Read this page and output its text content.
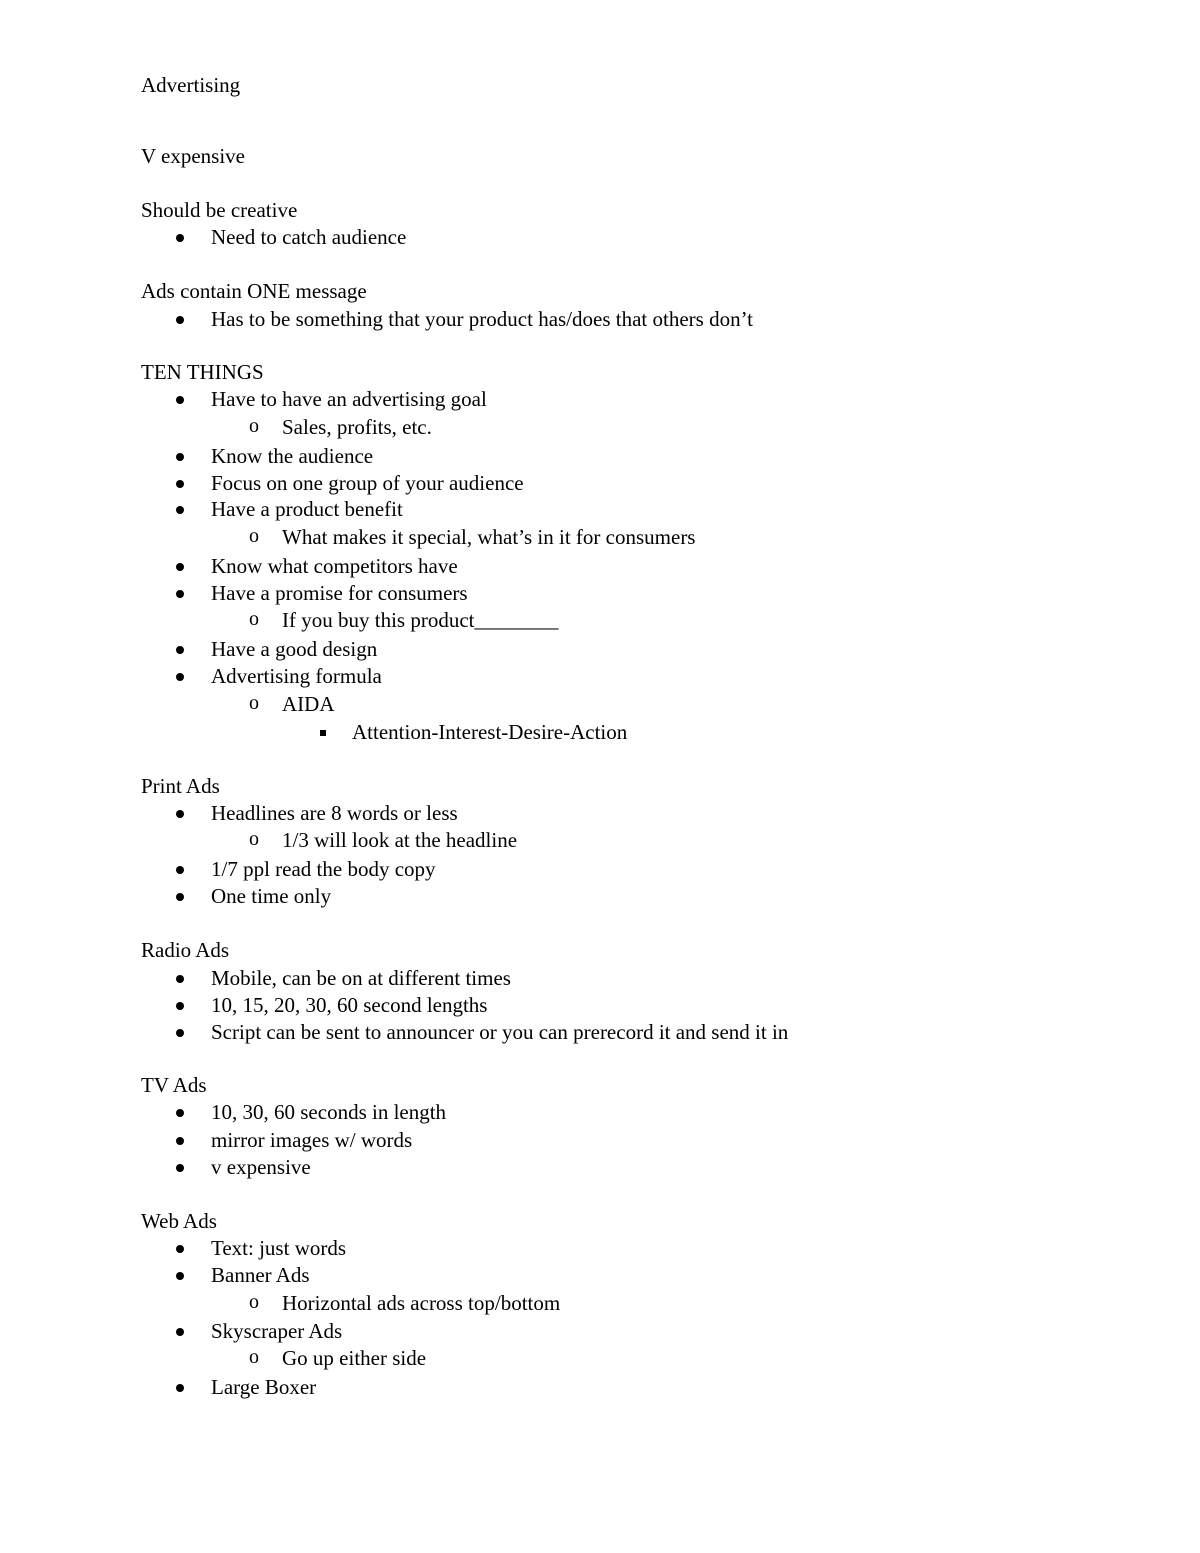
Advertising
V expensive
Should be creative
Need to catch audience
Ads contain ONE message
Has to be something that your product has/does that others don’t
TEN THINGS
Have to have an advertising goal
o Sales, profits, etc.
Know the audience
Focus on one group of your audience
Have a product benefit
o What makes it special, what’s in it for consumers
Know what competitors have
Have a promise for consumers
o If you buy this product________
Have a good design
Advertising formula
o AIDA
Attention-Interest-Desire-Action
Print Ads
Headlines are 8 words or less
o 1/3 will look at the headline
1/7 ppl read the body copy
One time only
Radio Ads
Mobile, can be on at different times
10, 15, 20, 30, 60 second lengths
Script can be sent to announcer or you can prerecord it and send it in
TV Ads
10, 30, 60 seconds in length
mirror images w/ words
v expensive
Web Ads
Text: just words
Banner Ads
o Horizontal ads across top/bottom
Skyscraper Ads
o Go up either side
Large Boxer
